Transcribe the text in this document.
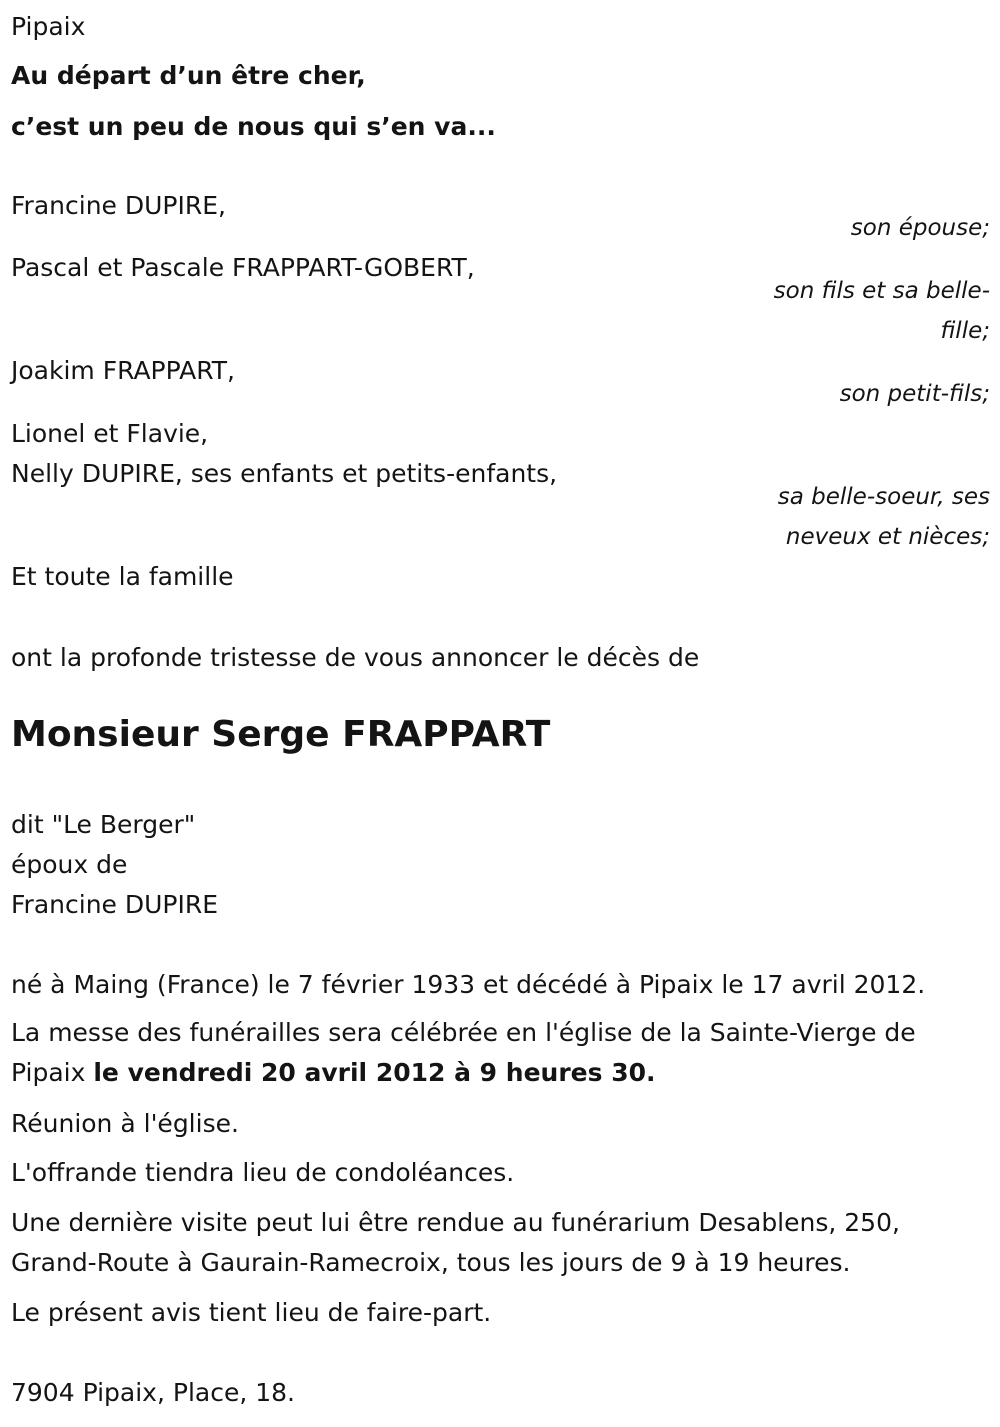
Pipaix
Au départ d’un être cher,
c’est un peu de nous qui s’en va...
Francine DUPIRE,
son épouse;
Pascal et Pascale FRAPPART-GOBERT,
son fils et sa belle-
fille;
Joakim FRAPPART,
son petit-fils;
Lionel et Flavie,
Nelly DUPIRE, ses enfants et petits-enfants,
sa belle-soeur, ses
neveux et nièces;
Et toute la famille
ont la profonde tristesse de vous annoncer le décès de
Monsieur Serge FRAPPART
dit "Le Berger"
époux de
Francine DUPIRE
né à Maing (France) le 7 février 1933 et décédé à Pipaix le 17 avril 2012.
La messe des funérailles sera célébrée en l'église de la Sainte-Vierge de
Pipaix le vendredi 20 avril 2012 à 9 heures 30.
Réunion à l'église.
L'offrande tiendra lieu de condoléances.
Une dernière visite peut lui être rendue au funérarium Desablens, 250,
Grand-Route à Gaurain-Ramecroix, tous les jours de 9 à 19 heures.
Le présent avis tient lieu de faire-part.
7904 Pipaix, Place, 18.
